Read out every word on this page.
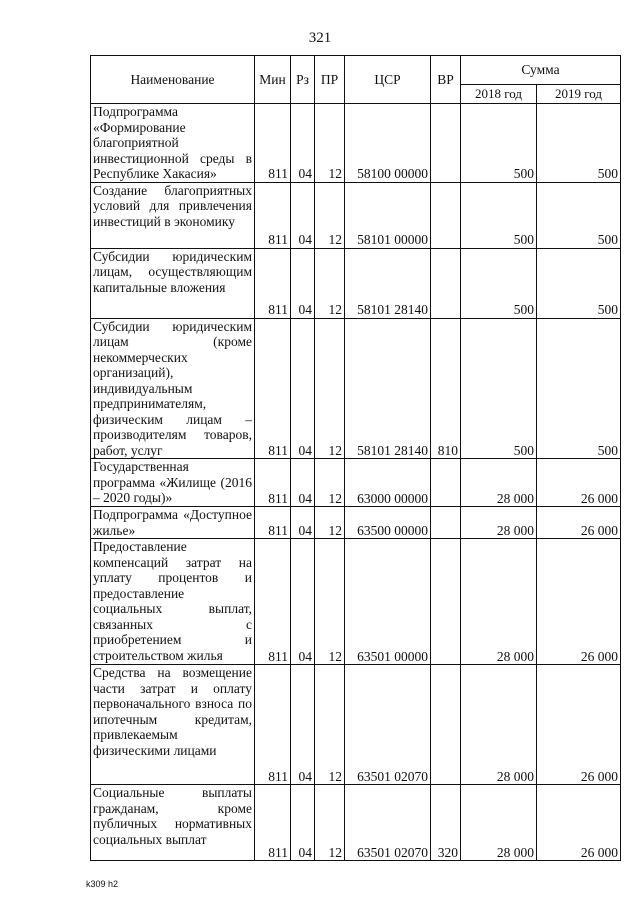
321
Наименование	Мин	Рз	ПР	ЦСР	ВР	Сумма	
						2018 год	2019 год
Подпрограмма «Формирование благоприятной инвестиционной среды в Республике Хакасия»	811	04	12	58100 00000		500	500
Создание благоприятных условий для привлечения инвестиций в экономику	811	04	12	58101 00000		500	500
Субсидии юридическим лицам, осуществляющим капитальные вложения	811	04	12	58101 28140		500	500
Субсидии юридическим лицам (кроме некоммерческих организаций), индивидуальным предпринимателям, физическим лицам – производителям товаров, работ, услуг	811	04	12	58101 28140	810	500	500
Государственная программа «Жилище (2016 – 2020 годы)»	811	04	12	63000 00000		28 000	26 000
Подпрограмма «Доступное жилье»	811	04	12	63500 00000		28 000	26 000
Предоставление компенсаций затрат на уплату процентов и предоставление социальных выплат, связанных с приобретением и строительством жилья	811	04	12	63501 00000		28 000	26 000
Средства на возмещение части затрат и оплату первоначального взноса по ипотечным кредитам, привлекаемым физическими лицами	811	04	12	63501 02070		28 000	26 000
Социальные выплаты гражданам, кроме публичных нормативных социальных выплат	811	04	12	63501 02070	320	28 000	26 000
k309 h2
